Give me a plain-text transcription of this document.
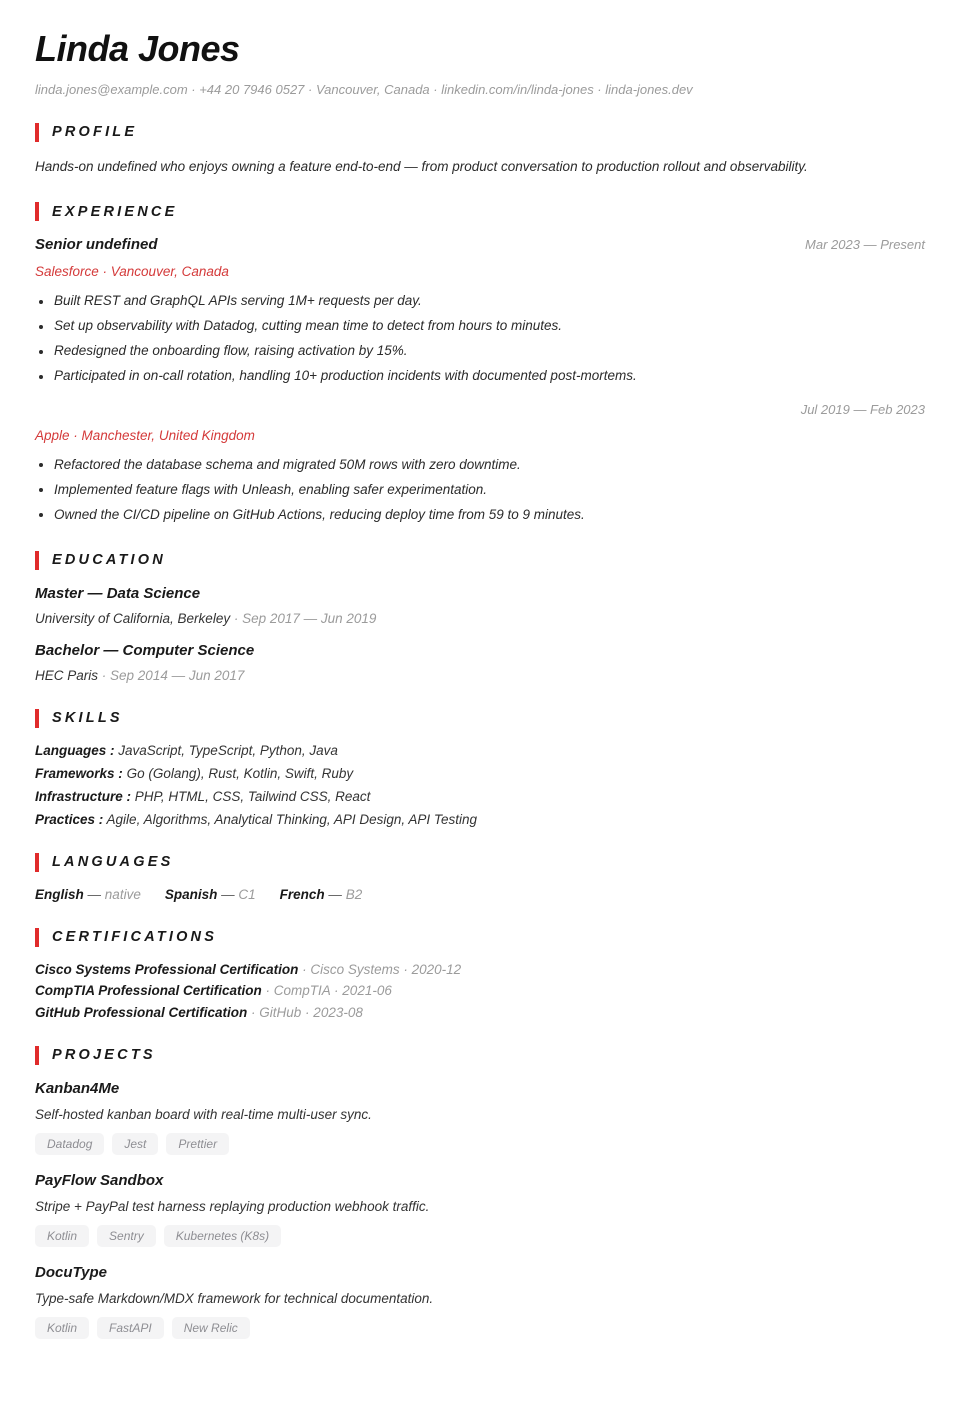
Linda Jones
linda.jones@example.com · +44 20 7946 0527 · Vancouver, Canada · linkedin.com/in/linda-jones · linda-jones.dev
PROFILE

Hands-on undefined who enjoys owning a feature end-to-end — from product conversation to production rollout and observability.

EXPERIENCE
Senior undefined	Mar 2023 — Present
Salesforce · Vancouver, Canada
Built REST and GraphQL APIs serving 1M+ requests per day.
Set up observability with Datadog, cutting mean time to detect from hours to minutes.
Redesigned the onboarding flow, raising activation by 15%.
Participated in on-call rotation, handling 10+ production incidents with documented post-mortems.
Jul 2019 — Feb 2023
Apple · Manchester, United Kingdom
Refactored the database schema and migrated 50M rows with zero downtime.
Implemented feature flags with Unleash, enabling safer experimentation.
Owned the CI/CD pipeline on GitHub Actions, reducing deploy time from 59 to 9 minutes.
EDUCATION
Master — Data Science
University of California, Berkeley · Sep 2017 — Jun 2019
Bachelor — Computer Science
HEC Paris · Sep 2014 — Jun 2017
SKILLS
Languages : JavaScript, TypeScript, Python, Java
Frameworks : Go (Golang), Rust, Kotlin, Swift, Ruby
Infrastructure : PHP, HTML, CSS, Tailwind CSS, React
Practices : Agile, Algorithms, Analytical Thinking, API Design, API Testing
LANGUAGES
English — native Spanish — C1 French — B2
CERTIFICATIONS
Cisco Systems Professional Certification · Cisco Systems · 2020-12
CompTIA Professional Certification · CompTIA · 2021-06
GitHub Professional Certification · GitHub · 2023-08
PROJECTS
Kanban4Me

Self-hosted kanban board with real-time multi-user sync.

Datadog	Jest	Prettier
PayFlow Sandbox

Stripe + PayPal test harness replaying production webhook traffic.

Kotlin	Sentry	Kubernetes (K8s)
DocuType

Type-safe Markdown/MDX framework for technical documentation.

Kotlin	FastAPI	New Relic
